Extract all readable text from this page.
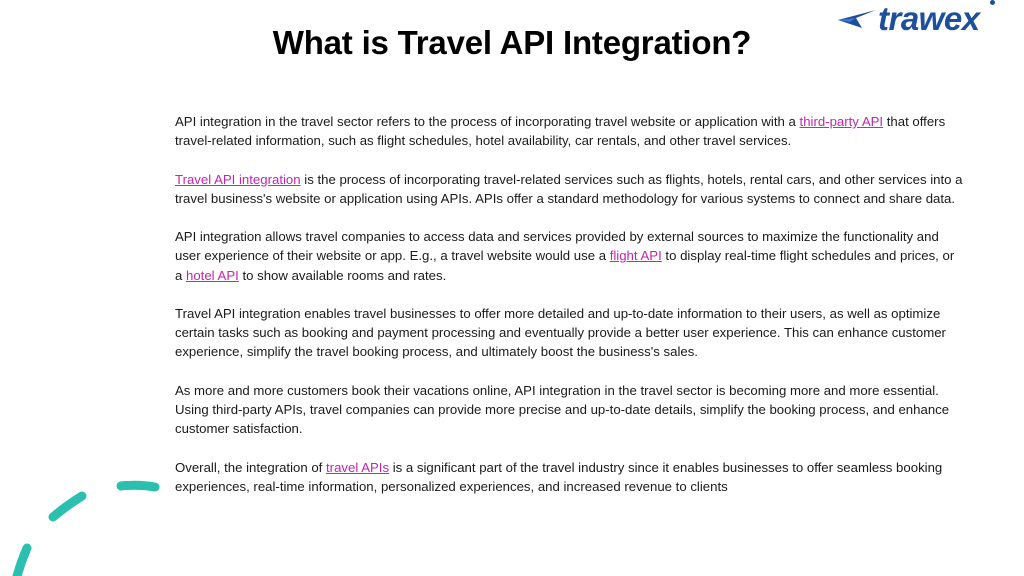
What is Travel API Integration?
trawex

API integration in the travel sector refers to the process of incorporating travel website or application with a third-party API that offers travel-related information, such as flight schedules, hotel availability, car rentals, and other travel services.

Travel API integration is the process of incorporating travel-related services such as flights, hotels, rental cars, and other services into a travel business's website or application using APIs. APIs offer a standard methodology for various systems to connect and share data.

API integration allows travel companies to access data and services provided by external sources to maximize the functionality and user experience of their website or app. E.g., a travel website would use a flight API to display real-time flight schedules and prices, or a hotel API to show available rooms and rates.

Travel API integration enables travel businesses to offer more detailed and up-to-date information to their users, as well as optimize certain tasks such as booking and payment processing and eventually provide a better user experience. This can enhance customer experience, simplify the travel booking process, and ultimately boost the business's sales.

As more and more customers book their vacations online, API integration in the travel sector is becoming more and more essential. Using third-party APIs, travel companies can provide more precise and up-to-date details, simplify the booking process, and enhance customer satisfaction.

Overall, the integration of travel APIs is a significant part of the travel industry since it enables businesses to offer seamless booking experiences, real-time information, personalized experiences, and increased revenue to clients
